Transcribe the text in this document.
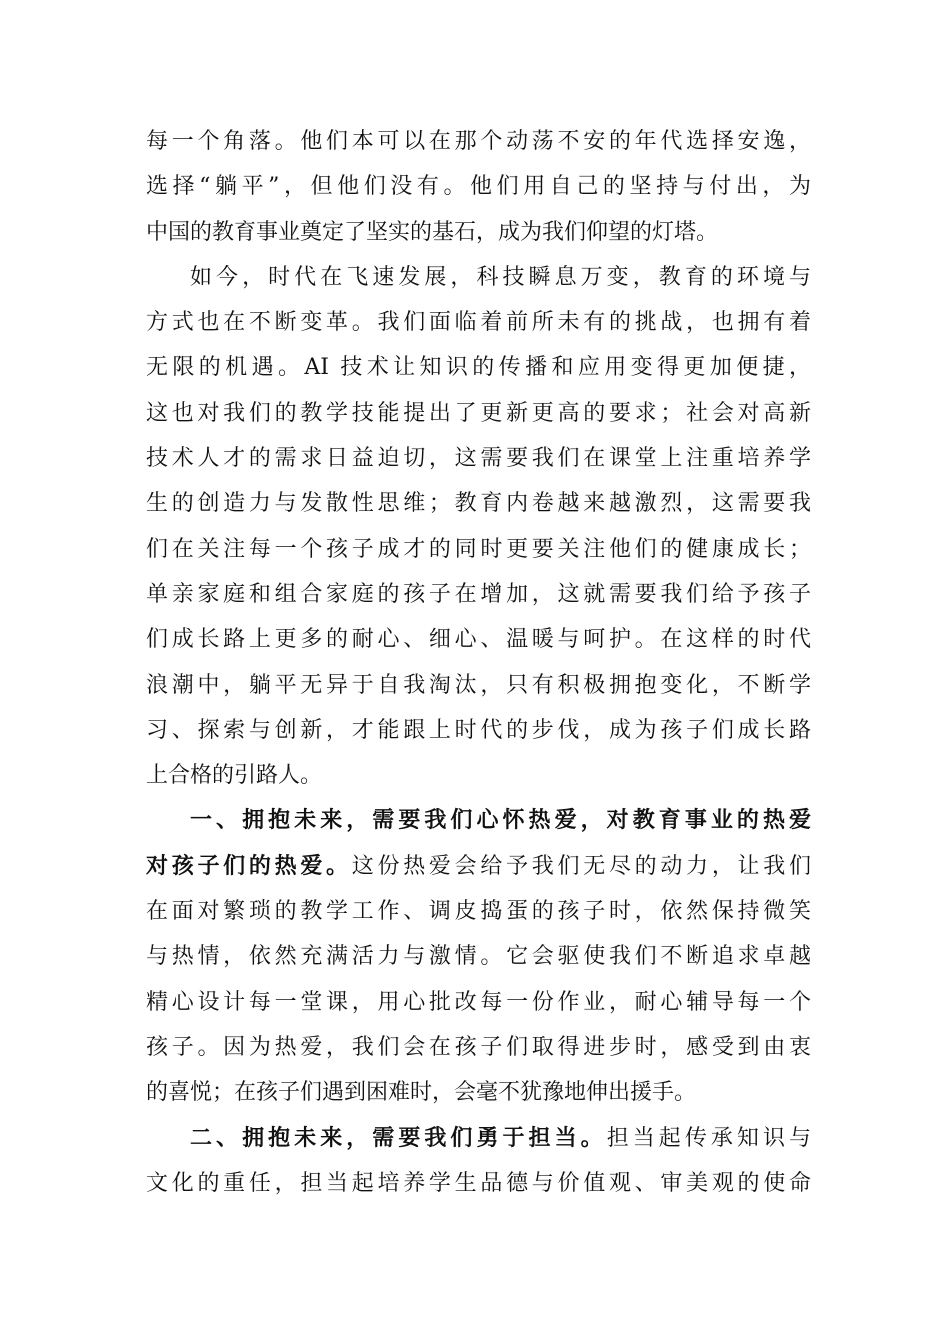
每一个角落。他们本可以在那个动荡不安的年代选择安逸，
选择“躺平”，但他们没有。他们用自己的坚持与付出，为
中国的教育事业奠定了坚实的基石，成为我们仰望的灯塔。
如今，时代在飞速发展，科技瞬息万变，教育的环境与
方式也在不断变革。我们面临着前所未有的挑战，也拥有着
无限的机遇。AI 技术让知识的传播和应用变得更加便捷，
这也对我们的教学技能提出了更新更高的要求；社会对高新
技术人才的需求日益迫切，这需要我们在课堂上注重培养学
生的创造力与发散性思维；教育内卷越来越激烈，这需要我
们在关注每一个孩子成才的同时更要关注他们的健康成长；
单亲家庭和组合家庭的孩子在增加，这就需要我们给予孩子
们成长路上更多的耐心、细心、温暖与呵护。在这样的时代
浪潮中，躺平无异于自我淘汰，只有积极拥抱变化，不断学
习、探索与创新，才能跟上时代的步伐，成为孩子们成长路
上合格的引路人。
一、拥抱未来，需要我们心怀热爱，对教育事业的热爱
对孩子们的热爱。这份热爱会给予我们无尽的动力，让我们
在面对繁琐的教学工作、调皮捣蛋的孩子时，依然保持微笑
与热情，依然充满活力与激情。它会驱使我们不断追求卓越
精心设计每一堂课，用心批改每一份作业，耐心辅导每一个
孩子。因为热爱，我们会在孩子们取得进步时，感受到由衷
的喜悦；在孩子们遇到困难时，会毫不犹豫地伸出援手。
二、拥抱未来，需要我们勇于担当。担当起传承知识与
文化的重任，担当起培养学生品德与价值观、审美观的使命
